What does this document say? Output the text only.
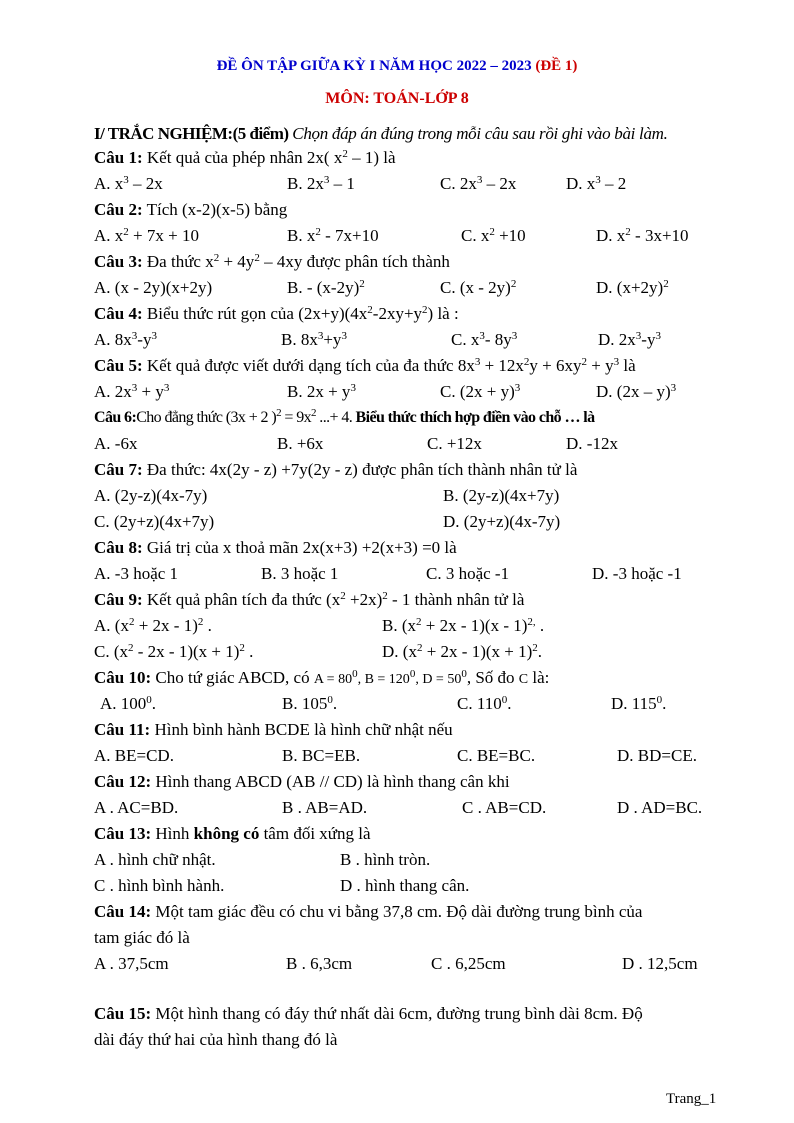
ĐỀ ÔN TẬP GIỮA KỲ I NĂM HỌC 2022 – 2023 (ĐỀ 1)
MÔN: TOÁN-LỚP 8
I/ TRẮC NGHIỆM:(5 điểm) Chọn đáp án đúng trong mỗi câu sau rồi ghi vào bài làm.
Câu 1: Kết quả của phép nhân 2x( $x^2 - 1$) là
A. $x^3 - 2x$	B. $2x^3 - 1$	C. $2x^3 - 2x$	D. $x^3 - 2$
Câu 2: Tích (x-2)(x-5) bằng
A. $x^2 + 7x + 10$	B. $x^2 - 7x+10$	C. $x^2 +10$	D. $x^2 - 3x+10$
Câu 3: Đa thức $x^2 + 4y^2 - 4xy$ được phân tích thành
A. (x - 2y)(x+2y)	B. - $(x-2y)^2$	C. (x - 2y)$^2$	D. $(x+2y)^2$
Câu 4: Biểu thức rút gọn của $(2x+y)(4x^2-2xy+y^2)$ là :
A. $8x^3-y^3$	B. $8x^3+y^3$	C. $x^3-$ $8y^3$	D. $2x^3-y^3$
Câu 5: Kết quả được viết dưới dạng tích của đa thức $8x^3 + 12x^2y + 6xy^2 + y^3$ là
A. $2x^3 + y^3$	B. $2x + y^3$	C. $(2x + y)^3$	D. (2x – y)$^3$
Câu 6:Cho đẳng thức (3x + 2 )$^2 = 9x^2$ ...+ 4. Biểu thức thích hợp điền vào chỗ … là
A. -6x	B. +6x	C. +12x	D. -12x
Câu 7: Đa thức: 4x(2y - z) +7y(2y - z) được phân tích thành nhân tử là
A. (2y-z)(4x-7y)	B. (2y-z)(4x+7y)
C. (2y+z)(4x+7y)	D. (2y+z)(4x-7y)
Câu 8: Giá trị của x thoả mãn 2x(x+3) +2(x+3) =0 là
A. -3 hoặc 1	B. 3 hoặc 1	C. 3 hoặc -1	D. -3 hoặc -1
Câu 9: Kết quả phân tích đa thức $(x^2 +2x)^2 - 1$ thành nhân tử là
A. $(x^2 + 2x - 1)^2$ .	B. $(x^2 + 2x - 1)(x - 1)^{2,}$ .
C. $(x^2 - 2x - 1)(x + 1)^2$ .	D. $(x^2 + 2x - 1)(x + 1)^2$.
Câu 10: Cho tứ giác ABCD, có $A = 80^0$, $B = 120^0$, $D = 50^0$, Số đo C là:
A. $100^0$.	B. $105^0$.	C. $110^0$.	D. $115^0$.
Câu 11: Hình bình hành BCDE là hình chữ nhật nếu
A. BE=CD.	B. BC=EB.	C. BE=BC.	D. BD=CE.
Câu 12: Hình thang ABCD (AB // CD) là hình thang cân khi
A . AC=BD.	B . AB=AD.	C . AB=CD.	D . AD=BC.
Câu 13: Hình không có tâm đối xứng là
A . hình chữ nhật.	B . hình tròn.
C . hình bình hành.	D . hình thang cân.
Câu 14: Một tam giác đều có chu vi bằng 37,8 cm. Độ dài đường trung bình của
tam giác đó là
A . 37,5cm	B . 6,3cm	C . 6,25cm	D . 12,5cm
Câu 15: Một hình thang có đáy thứ nhất dài 6cm, đường trung bình dài 8cm. Độ
dài đáy thứ hai của hình thang đó là
Trang_1
